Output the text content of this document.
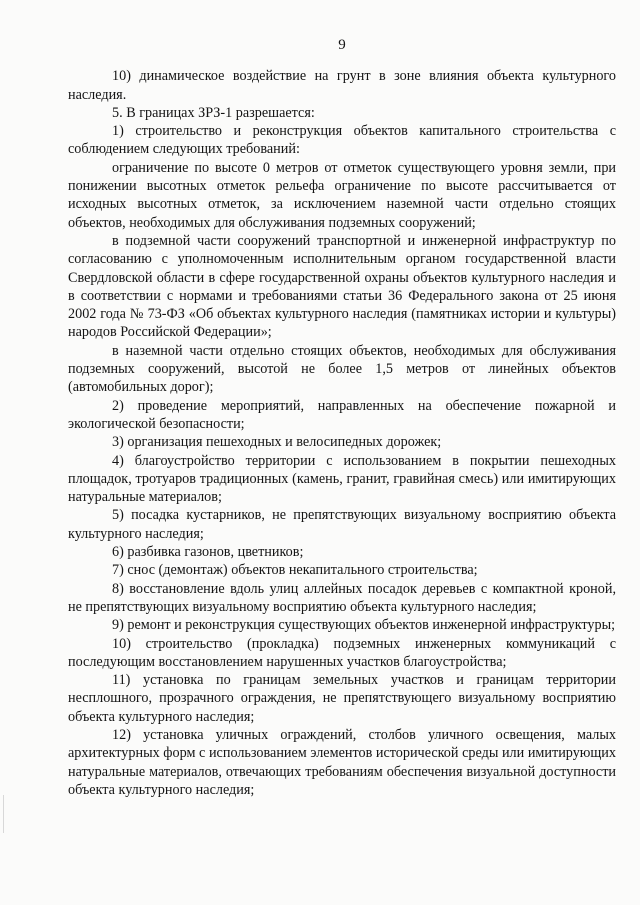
9

10) динамическое воздействие на грунт в зоне влияния объекта культурного наследия.

5. В границах ЗРЗ-1 разрешается:

1) строительство и реконструкция объектов капитального строительства с соблюдением следующих требований:

ограничение по высоте 0 метров от отметок существующего уровня земли, при понижении высотных отметок рельефа ограничение по высоте рассчитывается от исходных высотных отметок, за исключением наземной части отдельно стоящих объектов, необходимых для обслуживания подземных сооружений;

в подземной части сооружений транспортной и инженерной инфраструктур по согласованию с уполномоченным исполнительным органом государственной власти Свердловской области в сфере государственной охраны объектов культурного наследия и в соответствии с нормами и требованиями статьи 36 Федерального закона от 25 июня 2002 года № 73-ФЗ «Об объектах культурного наследия (памятниках истории и культуры) народов Российской Федерации»;

в наземной части отдельно стоящих объектов, необходимых для обслуживания подземных сооружений, высотой не более 1,5 метров от линейных объектов (автомобильных дорог);

2) проведение мероприятий, направленных на обеспечение пожарной и экологической безопасности;

3) организация пешеходных и велосипедных дорожек;

4) благоустройство территории с использованием в покрытии пешеходных площадок, тротуаров традиционных (камень, гранит, гравийная смесь) или имитирующих натуральные материалов;

5) посадка кустарников, не препятствующих визуальному восприятию объекта культурного наследия;

6) разбивка газонов, цветников;

7) снос (демонтаж) объектов некапитального строительства;

8) восстановление вдоль улиц аллейных посадок деревьев с компактной кроной, не препятствующих визуальному восприятию объекта культурного наследия;

9) ремонт и реконструкция существующих объектов инженерной инфраструктуры;

10) строительство (прокладка) подземных инженерных коммуникаций с последующим восстановлением нарушенных участков благоустройства;

11) установка по границам земельных участков и границам территории несплошного, прозрачного ограждения, не препятствующего визуальному восприятию объекта культурного наследия;

12) установка уличных ограждений, столбов уличного освещения, малых архитектурных форм с использованием элементов исторической среды или имитирующих натуральные материалов, отвечающих требованиям обеспечения визуальной доступности объекта культурного наследия;
